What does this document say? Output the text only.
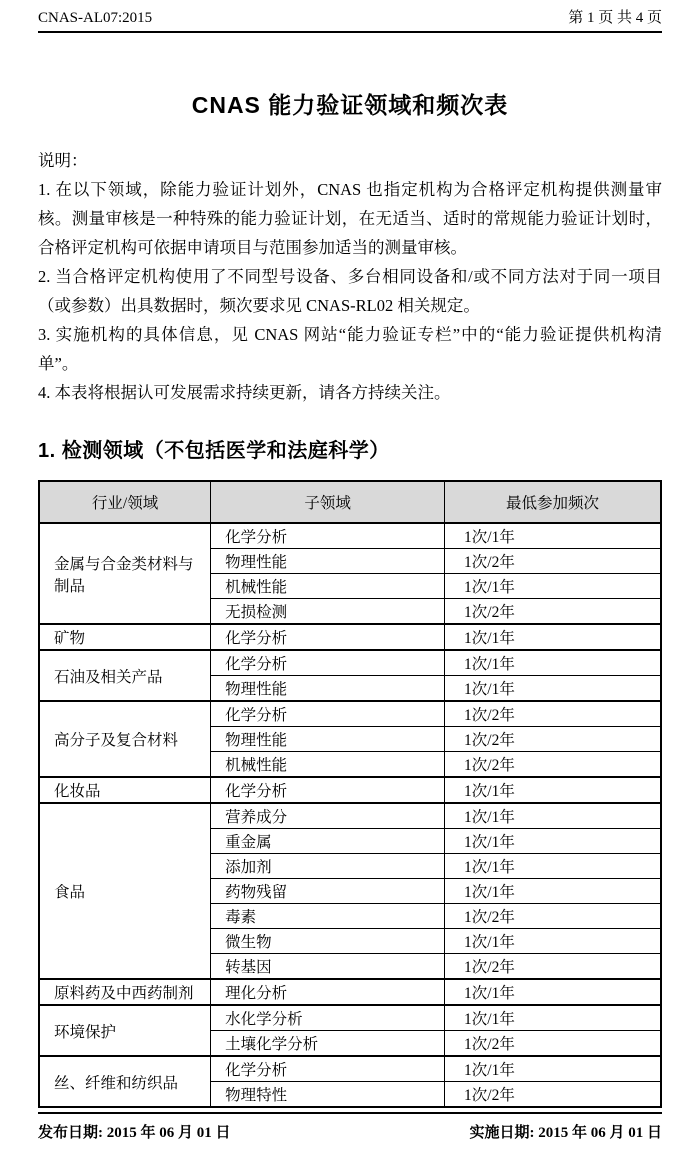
CNAS-AL07:2015	第 1 页 共 4 页
CNAS 能力验证领域和频次表

说明：

1. 在以下领域，除能力验证计划外，CNAS 也指定机构为合格评定机构提供测量审核。测量审核是一种特殊的能力验证计划，在无适当、适时的常规能力验证计划时，合格评定机构可依据申请项目与范围参加适当的测量审核。

2. 当合格评定机构使用了不同型号设备、多台相同设备和/或不同方法对于同一项目（或参数）出具数据时，频次要求见 CNAS-RL02 相关规定。

3. 实施机构的具体信息，见 CNAS 网站“能力验证专栏”中的“能力验证提供机构清单”。

4. 本表将根据认可发展需求持续更新，请各方持续关注。

1. 检测领域（不包括医学和法庭科学）
行业/领域	子领域	最低参加频次
金属与合金类材料与制品	化学分析	1次/1年
	物理性能	1次/2年
	机械性能	1次/1年
	无损检测	1次/2年
矿物	化学分析	1次/1年
石油及相关产品	化学分析	1次/1年
	物理性能	1次/1年
高分子及复合材料	化学分析	1次/2年
	物理性能	1次/2年
	机械性能	1次/2年
化妆品	化学分析	1次/1年
食品	营养成分	1次/1年
	重金属	1次/1年
	添加剂	1次/1年
	药物残留	1次/1年
	毒素	1次/2年
	微生物	1次/1年
	转基因	1次/2年
原料药及中西药制剂	理化分析	1次/1年
环境保护	水化学分析	1次/1年
	土壤化学分析	1次/2年
丝、纤维和纺织品	化学分析	1次/1年
	物理特性	1次/2年
发布日期: 2015 年 06 月 01 日	实施日期: 2015 年 06 月 01 日
